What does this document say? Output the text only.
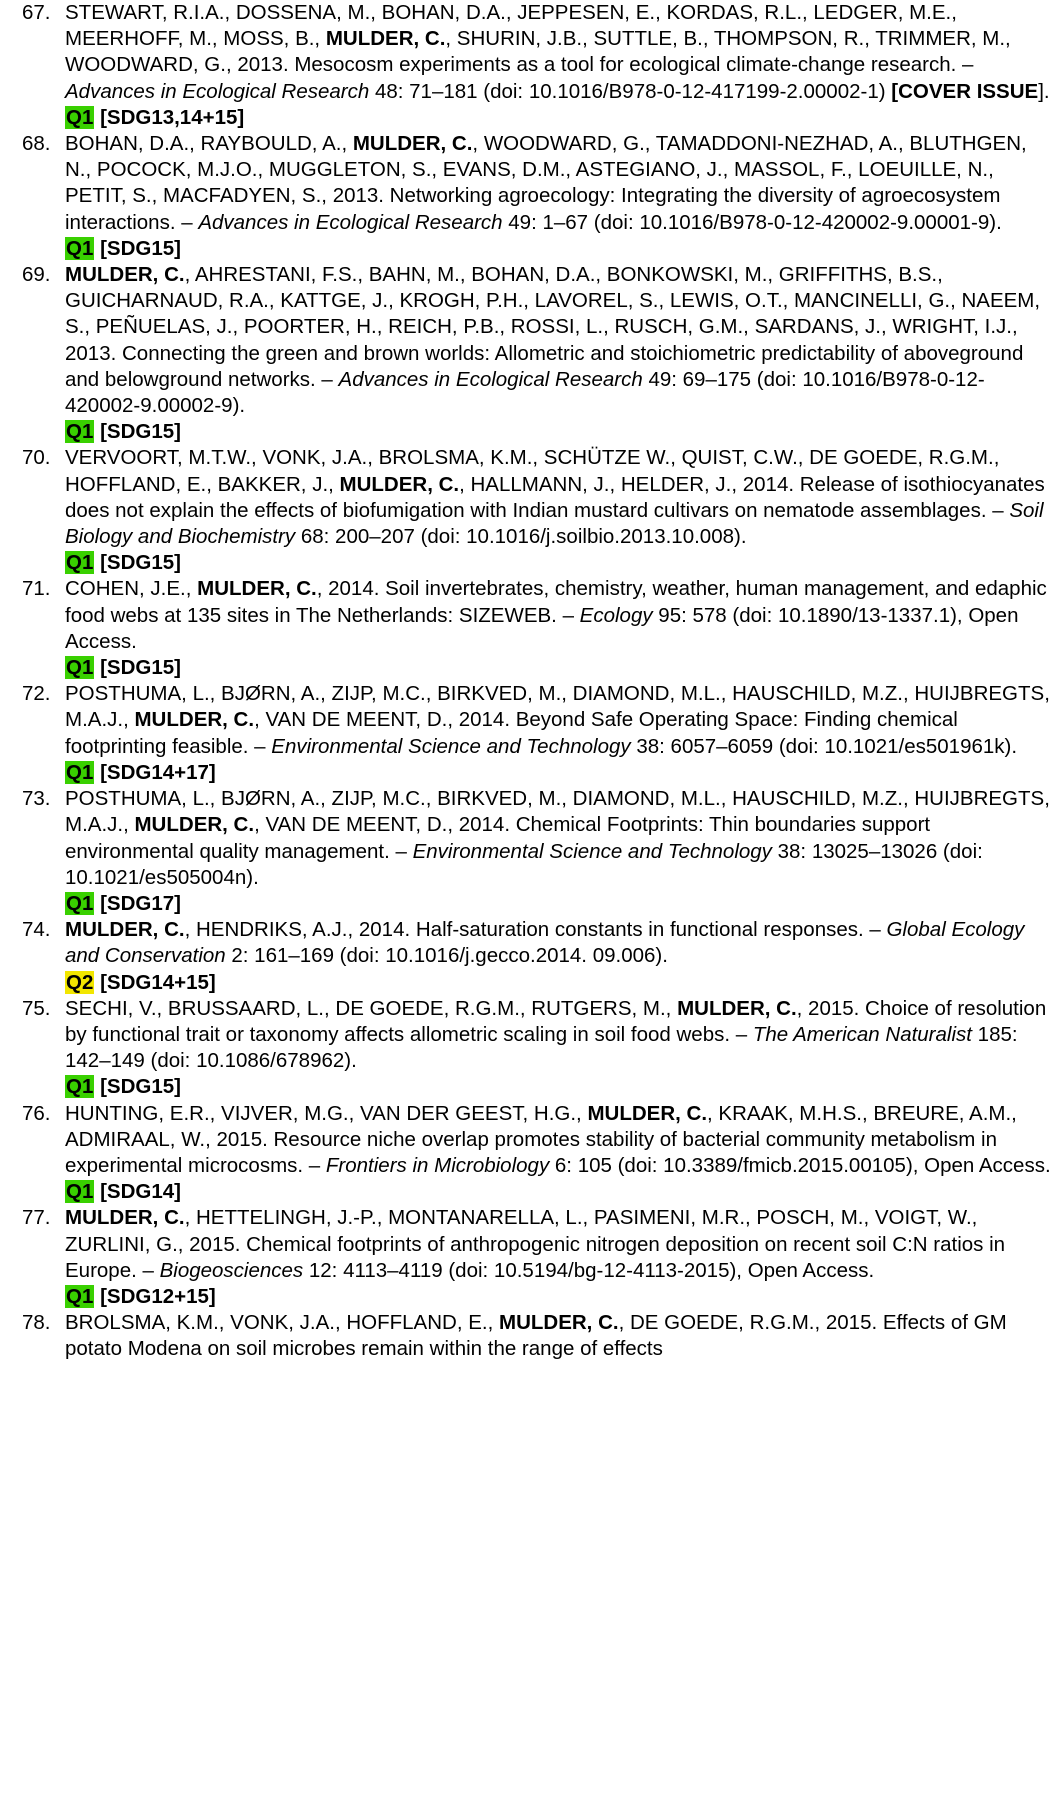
67. STEWART, R.I.A., DOSSENA, M., BOHAN, D.A., JEPPESEN, E., KORDAS, R.L., LEDGER, M.E., MEERHOFF, M., MOSS, B., MULDER, C., SHURIN, J.B., SUTTLE, B., THOMPSON, R., TRIMMER, M., WOODWARD, G., 2013. Mesocosm experiments as a tool for ecological climate-change research. – Advances in Ecological Research 48: 71–181 (doi: 10.1016/B978-0-12-417199-2.00002-1) [COVER ISSUE].
Q1 [SDG13,14+15]
68. BOHAN, D.A., RAYBOULD, A., MULDER, C., WOODWARD, G., TAMADDONI-NEZHAD, A., BLUTHGEN, N., POCOCK, M.J.O., MUGGLETON, S., EVANS, D.M., ASTEGIANO, J., MASSOL, F., LOEUILLE, N., PETIT, S., MACFADYEN, S., 2013. Networking agroecology: Integrating the diversity of agroecosystem interactions. – Advances in Ecological Research 49: 1–67 (doi: 10.1016/B978-0-12-420002-9.00001-9).
Q1 [SDG15]
69. MULDER, C., AHRESTANI, F.S., BAHN, M., BOHAN, D.A., BONKOWSKI, M., GRIFFITHS, B.S., GUICHARNAUD, R.A., KATTGE, J., KROGH, P.H., LAVOREL, S., LEWIS, O.T., MANCINELLI, G., NAEEM, S., PEÑUELAS, J., POORTER, H., REICH, P.B., ROSSI, L., RUSCH, G.M., SARDANS, J., WRIGHT, I.J., 2013. Connecting the green and brown worlds: Allometric and stoichiometric predictability of aboveground and belowground networks. – Advances in Ecological Research 49: 69–175 (doi: 10.1016/B978-0-12-420002-9.00002-9).
Q1 [SDG15]
70. VERVOORT, M.T.W., VONK, J.A., BROLSMA, K.M., SCHÜTZE W., QUIST, C.W., DE GOEDE, R.G.M., HOFFLAND, E., BAKKER, J., MULDER, C., HALLMANN, J., HELDER, J., 2014. Release of isothiocyanates does not explain the effects of biofumigation with Indian mustard cultivars on nematode assemblages. – Soil Biology and Biochemistry 68: 200–207 (doi: 10.1016/j.soilbio.2013.10.008).
Q1 [SDG15]
71. COHEN, J.E., MULDER, C., 2014. Soil invertebrates, chemistry, weather, human management, and edaphic food webs at 135 sites in The Netherlands: SIZEWEB. – Ecology 95: 578 (doi: 10.1890/13-1337.1), Open Access.
Q1 [SDG15]
72. POSTHUMA, L., BJØRN, A., ZIJP, M.C., BIRKVED, M., DIAMOND, M.L., HAUSCHILD, M.Z., HUIJBREGTS, M.A.J., MULDER, C., VAN DE MEENT, D., 2014. Beyond Safe Operating Space: Finding chemical footprinting feasible. – Environmental Science and Technology 38: 6057–6059 (doi: 10.1021/es501961k).
Q1 [SDG14+17]
73. POSTHUMA, L., BJØRN, A., ZIJP, M.C., BIRKVED, M., DIAMOND, M.L., HAUSCHILD, M.Z., HUIJBREGTS, M.A.J., MULDER, C., VAN DE MEENT, D., 2014. Chemical Footprints: Thin boundaries support environmental quality management. – Environmental Science and Technology 38: 13025–13026 (doi: 10.1021/es505004n).
Q1 [SDG17]
74. MULDER, C., HENDRIKS, A.J., 2014. Half-saturation constants in functional responses. – Global Ecology and Conservation 2: 161–169 (doi: 10.1016/j.gecco.2014. 09.006).
Q2 [SDG14+15]
75. SECHI, V., BRUSSAARD, L., DE GOEDE, R.G.M., RUTGERS, M., MULDER, C., 2015. Choice of resolution by functional trait or taxonomy affects allometric scaling in soil food webs. – The American Naturalist 185: 142–149 (doi: 10.1086/678962).
Q1 [SDG15]
76. HUNTING, E.R., VIJVER, M.G., VAN DER GEEST, H.G., MULDER, C., KRAAK, M.H.S., BREURE, A.M., ADMIRAAL, W., 2015. Resource niche overlap promotes stability of bacterial community metabolism in experimental microcosms. – Frontiers in Microbiology 6: 105 (doi: 10.3389/fmicb.2015.00105), Open Access.
Q1 [SDG14]
77. MULDER, C., HETTELINGH, J.-P., MONTANARELLA, L., PASIMENI, M.R., POSCH, M., VOIGT, W., ZURLINI, G., 2015. Chemical footprints of anthropogenic nitrogen deposition on recent soil C:N ratios in Europe. – Biogeosciences 12: 4113–4119 (doi: 10.5194/bg-12-4113-2015), Open Access.
Q1 [SDG12+15]
78. BROLSMA, K.M., VONK, J.A., HOFFLAND, E., MULDER, C., DE GOEDE, R.G.M., 2015. Effects of GM potato Modena on soil microbes remain within the range of effects
